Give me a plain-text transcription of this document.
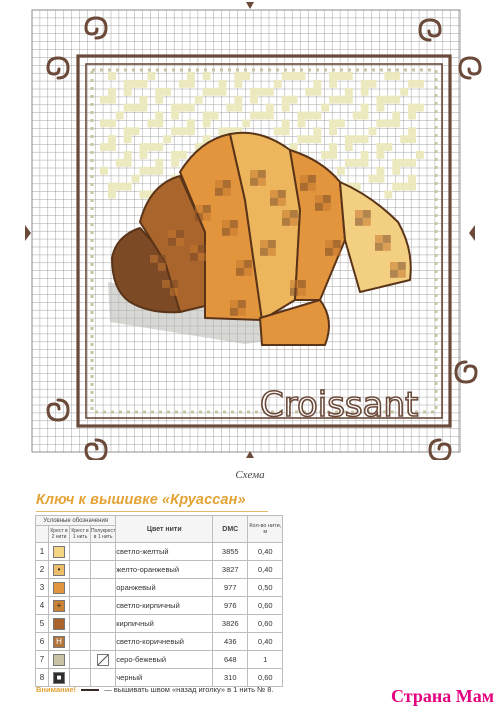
Croissant
Схема
Ключ к вышивке «Круассан»
Условные обозначения				Цвет нити	DMC	Кол-во нити, м
	Крест в 2 нити	Крест в 1 нить	Полукрест в 1 нить			
1				светло-желтый	3855	0,40
2	•			желто-оранжевый	3827	0,40
3				оранжевый	977	0,50
4	+			светло-кирпичный	976	0,60
5				кирпичный	3826	0,60
6	H			светло-коричневый	436	0,40
7				серо-бежевый	648	1
8	■			черный	310	0,60
Внимание!	— вышивать швом «назад иголку» в 1 нить № 8.	Страна Мам
